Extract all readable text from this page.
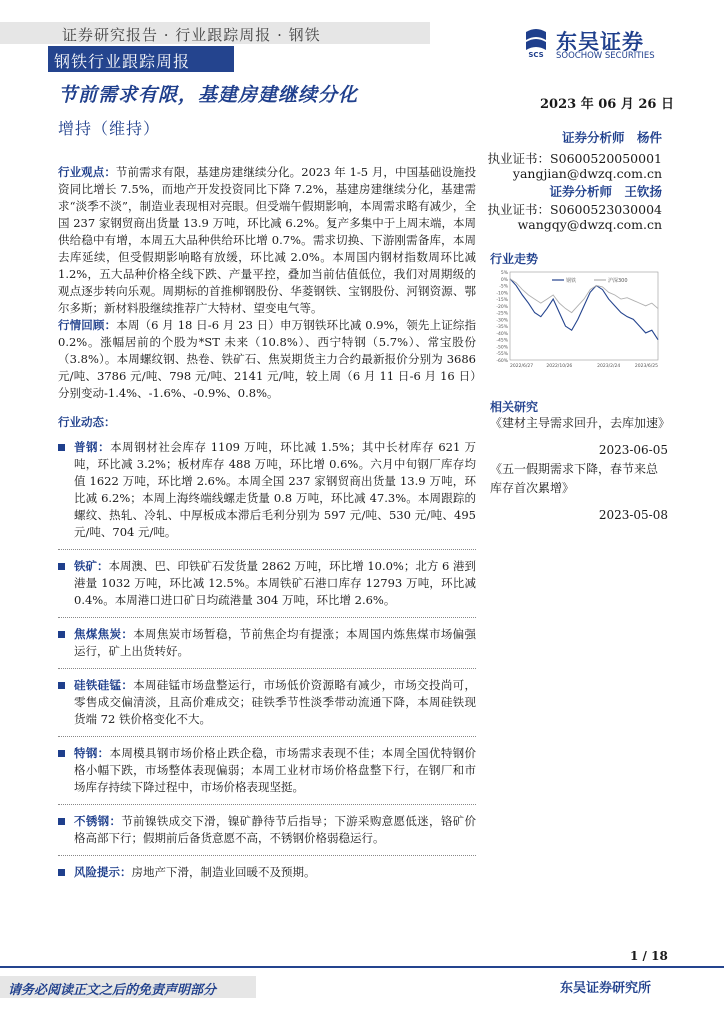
证券研究报告 · 行业跟踪周报 · 钢铁
钢铁行业跟踪周报	SCS
东吴证券
SOOCHOW SECURITIES
节前需求有限，基建房建继续分化	2023 年 06 月 26 日
增持（维持）	证券分析师　杨件
执业证书：S0600520050001
yangjian@dwzq.com.cn
证券分析师　王钦扬
执业证书：S0600523030004
wangqy@dwzq.com.cn

行业观点：节前需求有限，基建房建继续分化。2023 年 1-5 月，中国基础设施投资同比增长 7.5%，而地产开发投资同比下降 7.2%，基建房建继续分化，基建需求“淡季不淡”，制造业表现相对亮眼。但受端午假期影响，本周需求略有减少，全国 237 家钢贸商出货量 13.9 万吨，环比减 6.2%。复产多集中于上周末端，本周供给稳中有增，本周五大品种供给环比增 0.7%。需求切换、下游刚需备库，本周去库延续，但受假期影响略有放缓，环比减 2.0%。本周国内钢材指数周环比减 1.2%，五大品种价格全线下跌、产量平控，叠加当前估值低位，我们对周期级的观点逐步转向乐观。周期标的首推柳钢股份、华菱钢铁、宝钢股份、河钢资源、鄂尔多斯；新材料股继续推荐广大特材、望变电气等。

行情回顾：本周（6 月 18 日-6 月 23 日）申万钢铁环比减 0.9%，领先上证综指 0.2%。涨幅居前的个股为*ST 未来（10.8%）、西宁特钢（5.7%）、常宝股份（3.8%）。本周螺纹钢、热卷、铁矿石、焦炭期货主力合约最新报价分别为 3686 元/吨、3786 元/吨、798 元/吨、2141 元/吨，较上周（6 月 11 日-6 月 16 日）分别变动-1.4%、-1.6%、-0.9%、0.8%。

行业动态：
普钢：本周钢材社会库存 1109 万吨，环比减 1.5%；其中长材库存 621 万吨，环比减 3.2%；板材库存 488 万吨，环比增 0.6%。六月中旬钢厂库存均值 1622 万吨，环比增 2.6%。本周全国 237 家钢贸商出货量 13.9 万吨，环比减 6.2%；本周上海终端线螺走货量 0.8 万吨，环比减 47.3%。本周跟踪的螺纹、热轧、冷轧、中厚板成本滞后毛利分别为 597 元/吨、530 元/吨、495 元/吨、704 元/吨。
铁矿：本周澳、巴、印铁矿石发货量 2862 万吨，环比增 10.0%；北方 6 港到港量 1032 万吨，环比减 12.5%。本周铁矿石港口库存 12793 万吨，环比减 0.4%。本周港口进口矿日均疏港量 304 万吨，环比增 2.6%。
焦煤焦炭：本周焦炭市场暂稳，节前焦企均有提涨；本周国内炼焦煤市场偏强运行，矿上出货转好。
硅铁硅锰：本周硅锰市场盘整运行，市场低价资源略有减少，市场交投尚可，零售成交偏清淡，且高价难成交；硅铁季节性淡季带动流通下降，本周硅铁现货端 72 铁价格变化不大。
特钢：本周模具钢市场价格止跌企稳，市场需求表现不佳；本周全国优特钢价格小幅下跌，市场整体表现偏弱；本周工业材市场价格盘整下行，在钢厂和市场库存持续下降过程中，市场价格表现坚挺。
不锈钢：节前镍铁成交下滑，镍矿静待节后指导；下游采购意愿低迷，铬矿价格高部下行；假期前后备货意愿不高，不锈钢价格弱稳运行。
风险提示：房地产下滑，制造业回暖不及预期。
行业走势
5%
0%
-5%
-10%
-15%
-20%
-25%
-30%
-35%
-40%
-45%
-50%
-55%
-60%
2022/6/27	2022/10/26	2023/2/24	2023/6/25
钢铁	沪深300
相关研究
《建材主导需求回升，去库加速》
2023-06-05
《五一假期需求下降，春节来总库存首次累增》
2023-05-08
1 / 18
请务必阅读正文之后的免责声明部分	东吴证券研究所
